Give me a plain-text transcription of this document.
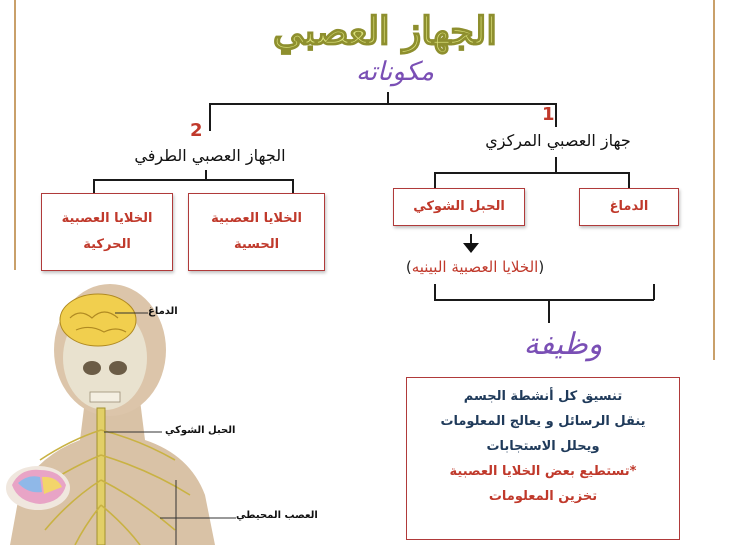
الجهاز العصبي
مكوناته
1
جهاز العصبي المركزي
الحبل الشوكي	الدماغ
(الخلايا العصبية البينيه)
2
الجهاز العصبي الطرفي
الخلايا العصبية
الحركية
الخلايا العصبية
الحسية
وظيفة
تنسيق كل أنشطة الجسم
ينقل الرسائل و يعالج المعلومات
ويحلل الاستجابات
*تستطيع بعض الخلايا العصبية
تخزين المعلومات
الدماغ
الحبل الشوكي
العصب المحيطي
